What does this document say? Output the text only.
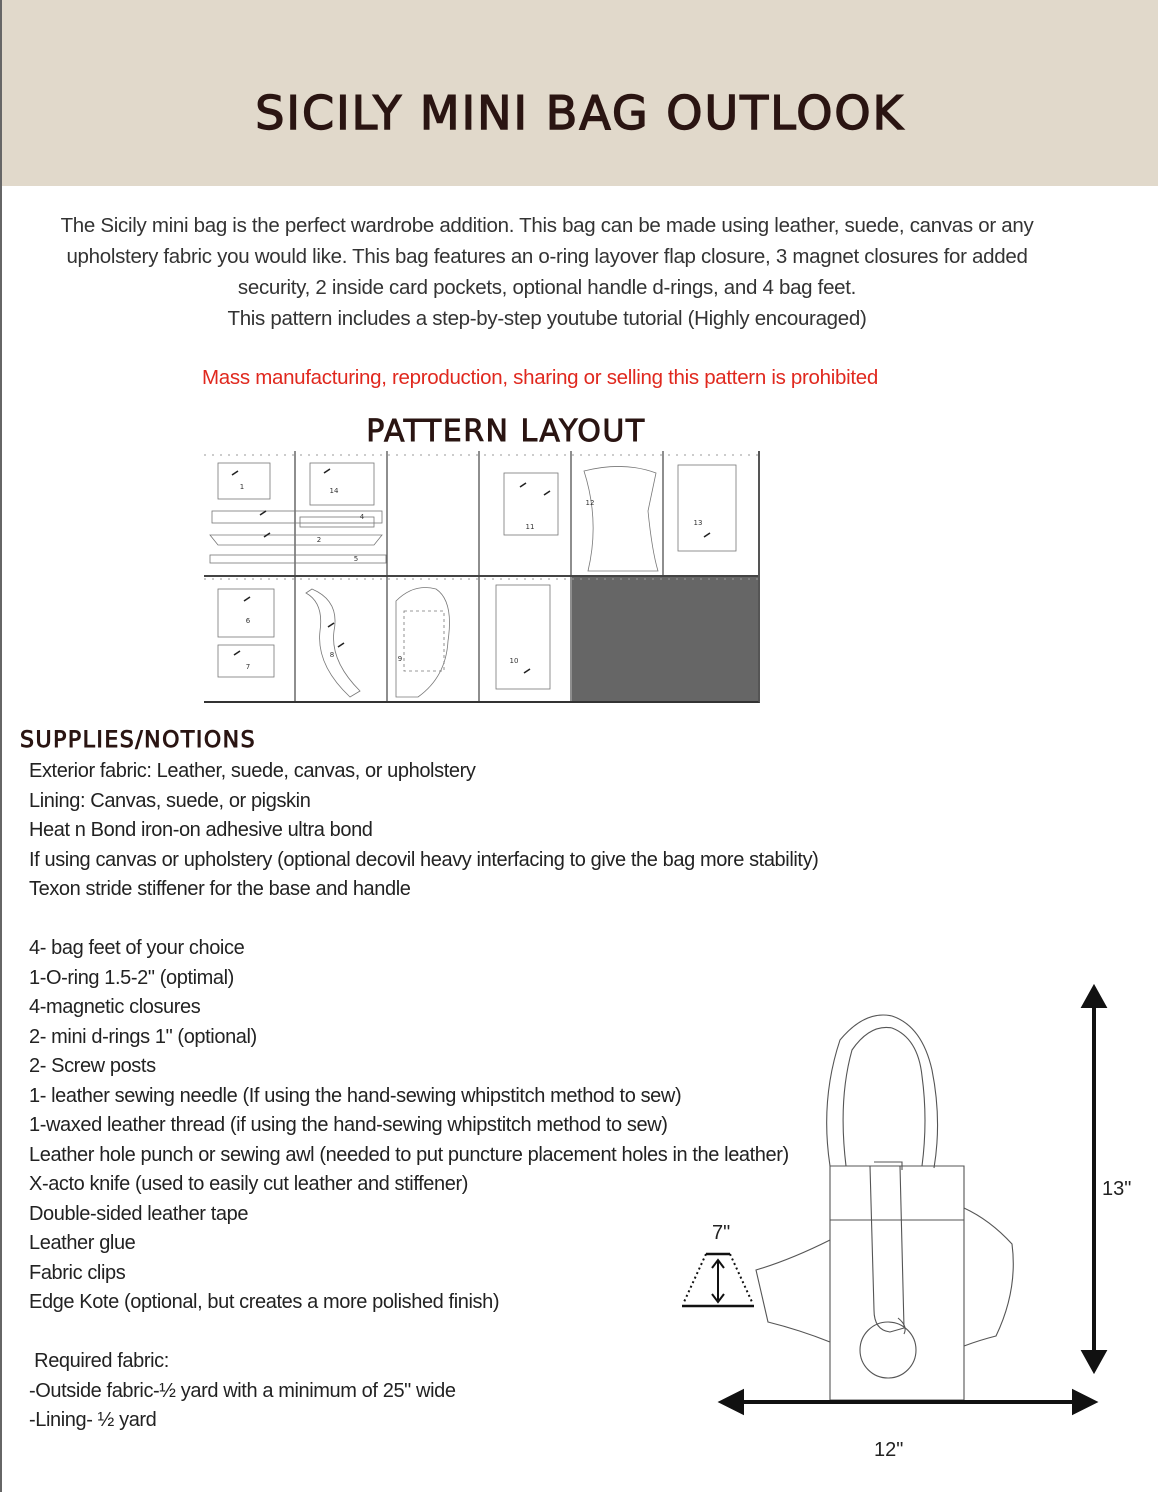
SICILY MINI BAG OUTLOOK
The Sicily mini bag is the perfect wardrobe addition. This bag can be made using leather, suede, canvas or any
upholstery fabric you would like. This bag features an o-ring layover flap closure, 3 magnet closures for added
security, 2 inside card pockets, optional handle d-rings, and 4 bag feet.
This pattern includes a step-by-step youtube tutorial (Highly encouraged)
Mass manufacturing, reproduction, sharing or selling this pattern is prohibited
PATTERN LAYOUT
1	14
4
2
5
11
12
13
6
7
8	9	10
SUPPLIES/NOTIONS
Exterior fabric: Leather, suede, canvas, or upholstery
Lining: Canvas, suede, or pigskin
Heat n Bond iron-on adhesive ultra bond
If using canvas or upholstery (optional decovil heavy interfacing to give the bag more stability)
Texon stride stiffener for the base and handle
4- bag feet of your choice
1-O-ring 1.5-2" (optimal)
4-magnetic closures
2- mini d-rings 1" (optional)
2- Screw posts
1- leather sewing needle (If using the hand-sewing whipstitch method to sew)
1-waxed leather thread (if using the hand-sewing whipstitch method to sew)
Leather hole punch or sewing awl (needed to put puncture placement holes in the leather)
X-acto knife (used to easily cut leather and stiffener)
Double-sided leather tape
Leather glue
Fabric clips
Edge Kote (optional, but creates a more polished finish)
Required fabric:
-Outside fabric-½ yard with a minimum of 25" wide
-Lining- ½ yard
13"
12"
7"
